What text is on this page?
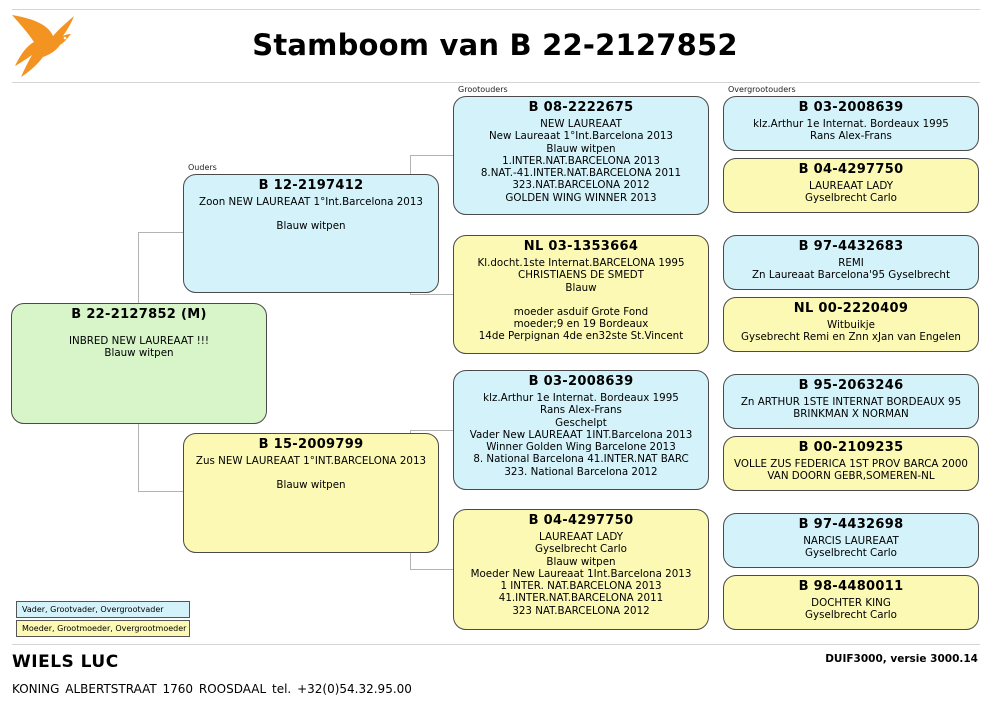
Stamboom van B 22-2127852
Ouders
Grootouders	Overgrootouders
B 22-2127852 (M)
INBRED NEW LAUREAAT !!!
Blauw witpen
B 12-2197412
Zoon NEW LAUREAAT 1°Int.Barcelona 2013
Blauw witpen
B 15-2009799
Zus NEW LAUREAAT 1°INT.BARCELONA 2013
Blauw witpen
B 08-2222675
NEW LAUREAAT
New Laureaat 1°Int.Barcelona 2013
Blauw witpen
1.INTER.NAT.BARCELONA 2013
8.NAT.-41.INTER.NAT.BARCELONA 2011
323.NAT.BARCELONA 2012
GOLDEN WING WINNER 2013
NL 03-1353664
Kl.docht.1ste Internat.BARCELONA 1995
CHRISTIAENS DE SMEDT
Blauw
moeder asduif Grote Fond
moeder;9 en 19 Bordeaux
14de Perpignan 4de en32ste St.Vincent
B 03-2008639
klz.Arthur 1e Internat. Bordeaux 1995
Rans Alex-Frans
Geschelpt
Vader New LAUREAAT 1INT.Barcelona 2013
Winner Golden Wing Barcelone 2013
8. National Barcelona 41.INTER.NAT BARC
323. National Barcelona 2012
B 04-4297750
LAUREAAT LADY
Gyselbrecht Carlo
Blauw witpen
Moeder New Laureaat 1Int.Barcelona 2013
1 INTER. NAT.BARCELONA 2013
41.INTER.NAT.BARCELONA 2011
323 NAT.BARCELONA 2012
B 03-2008639
klz.Arthur 1e Internat. Bordeaux 1995
Rans Alex-Frans
B 04-4297750
LAUREAAT LADY
Gyselbrecht Carlo
B 97-4432683
REMI
Zn Laureaat Barcelona'95 Gyselbrecht
NL 00-2220409
Witbuikje
Gysebrecht Remi en Znn xJan van Engelen
B 95-2063246
Zn ARTHUR 1STE INTERNAT BORDEAUX 95
BRINKMAN X NORMAN
B 00-2109235
VOLLE ZUS FEDERICA 1ST PROV BARCA 2000
VAN DOORN GEBR,SOMEREN-NL
B 97-4432698
NARCIS LAUREAAT
Gyselbrecht Carlo
B 98-4480011
DOCHTER KING
Gyselbrecht Carlo
Vader, Grootvader, Overgrootvader
Moeder, Grootmoeder, Overgrootmoeder
WIELS LUC
KONING ALBERTSTRAAT 1760 ROOSDAAL tel. +32(0)54.32.95.00
DUIF3000, versie 3000.14
